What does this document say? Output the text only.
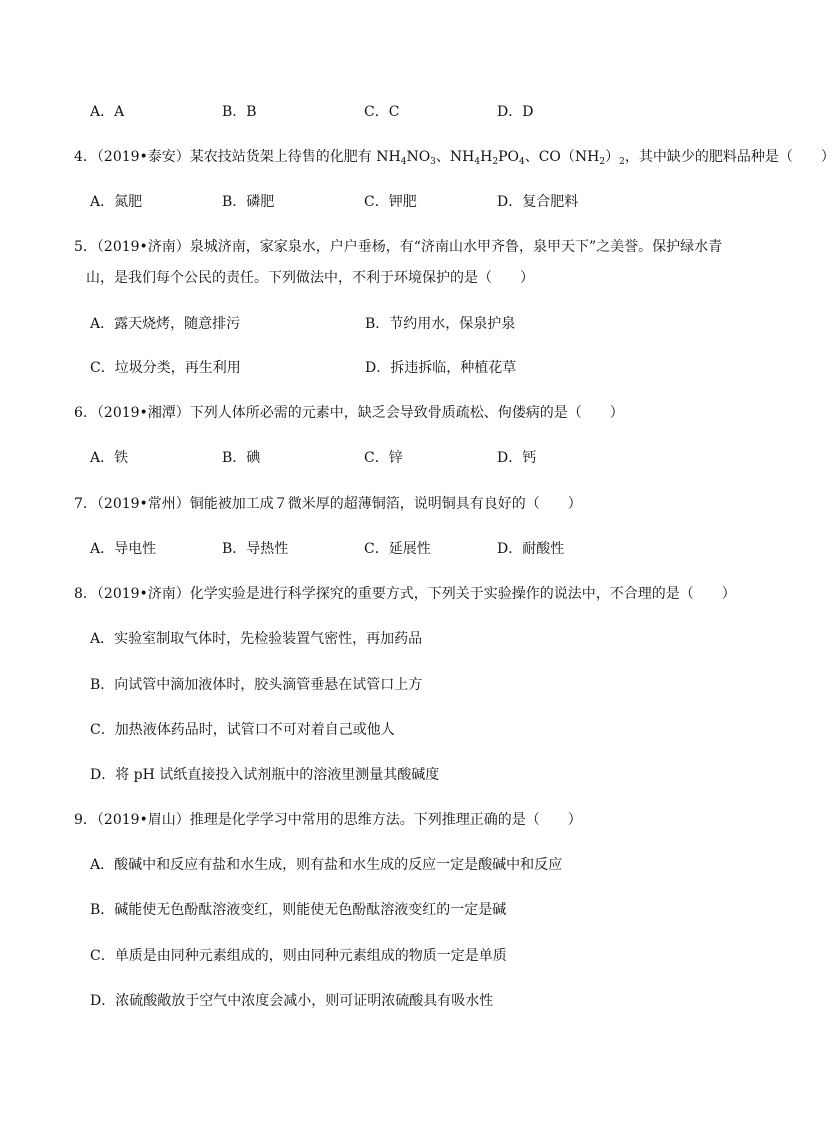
A．A	B．B	C．C	D．D
4．（2019•泰安）某农技站货架上待售的化肥有 $NH_4NO_3$、$NH_4H_2PO_4$、$CO(NH_2)_2$，其中缺少的肥料品种是（　　）
A．氮肥	B．磷肥	C．钾肥	D．复合肥料
5．（2019•济南）泉城济南，家家泉水，户户垂杨，有“济南山水甲齐鲁，泉甲天下”之美誉。保护绿水青
山，是我们每个公民的责任。下列做法中，不利于环境保护的是（　　）
A．露天烧烤，随意排污	B．节约用水，保泉护泉
C．垃圾分类，再生利用	D．拆违拆临，种植花草
6．（2019•湘潭）下列人体所必需的元素中，缺乏会导致骨质疏松、佝偻病的是（　　）
A．铁	B．碘	C．锌	D．钙
7．（2019•常州）铜能被加工成７微米厚的超薄铜箔，说明铜具有良好的（　　）
A．导电性	B．导热性	C．延展性	D．耐酸性
8．（2019•济南）化学实验是进行科学探究的重要方式，下列关于实验操作的说法中，不合理的是（　　）
A．实验室制取气体时，先检验装置气密性，再加药品
B．向试管中滴加液体时，胶头滴管垂悬在试管口上方
C．加热液体药品时，试管口不可对着自己或他人
D．将 pH 试纸直接投入试剂瓶中的溶液里测量其酸碱度
9．（2019•眉山）推理是化学学习中常用的思维方法。下列推理正确的是（　　）
A．酸碱中和反应有盐和水生成，则有盐和水生成的反应一定是酸碱中和反应
B．碱能使无色酚酞溶液变红，则能使无色酚酞溶液变红的一定是碱
C．单质是由同种元素组成的，则由同种元素组成的物质一定是单质
D．浓硫酸敞放于空气中浓度会减小，则可证明浓硫酸具有吸水性
